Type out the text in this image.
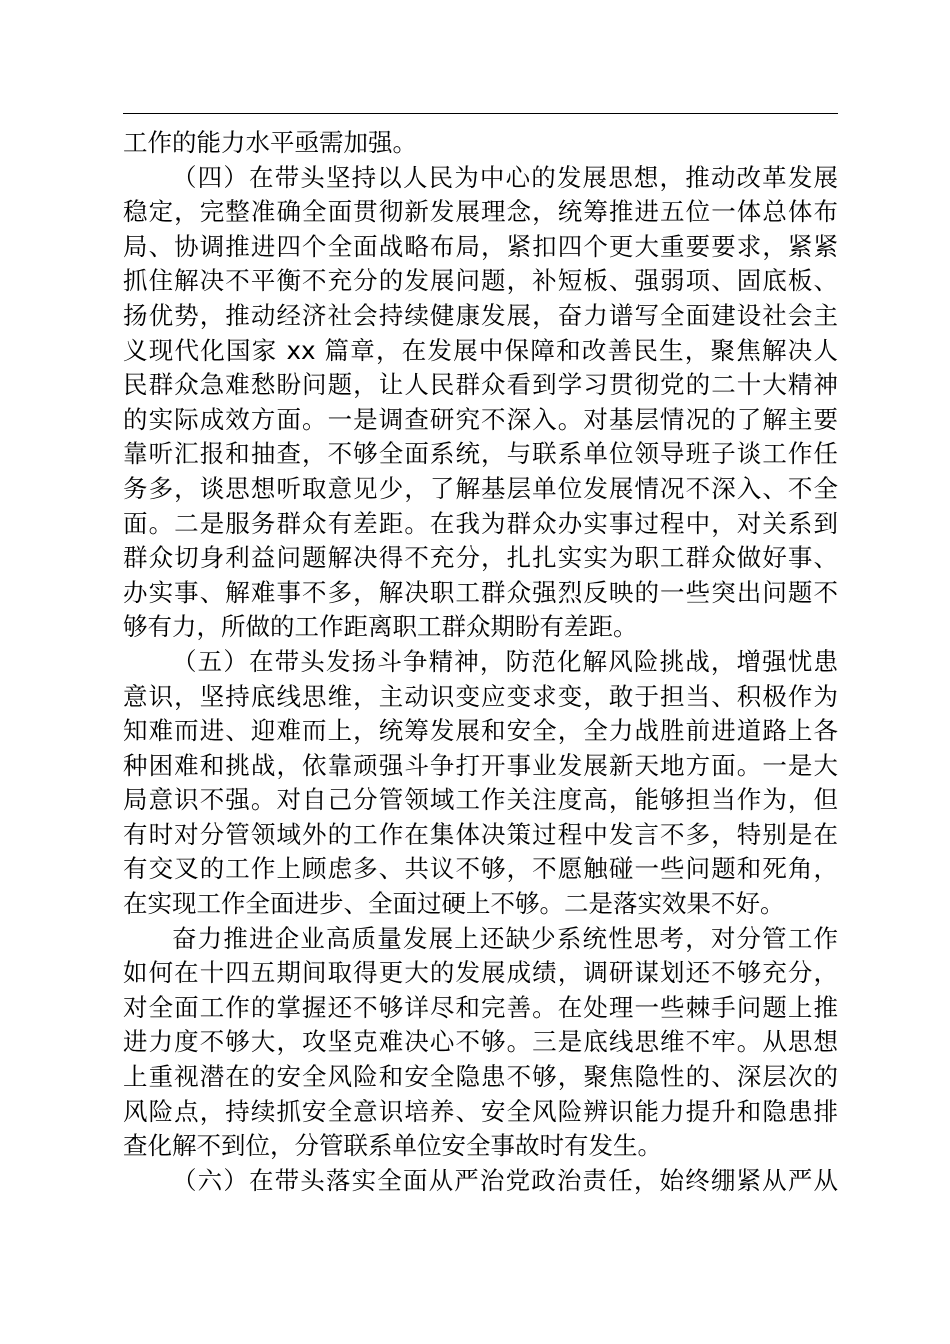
工作的能力水平亟需加强。
（四）在带头坚持以人民为中心的发展思想，推动改革发展
稳定，完整准确全面贯彻新发展理念，统筹推进五位一体总体布
局、协调推进四个全面战略布局，紧扣四个更大重要要求，紧紧
抓住解决不平衡不充分的发展问题，补短板、强弱项、固底板、
扬优势，推动经济社会持续健康发展，奋力谱写全面建设社会主
义现代化国家 xx 篇章，在发展中保障和改善民生，聚焦解决人
民群众急难愁盼问题，让人民群众看到学习贯彻党的二十大精神
的实际成效方面。一是调查研究不深入。对基层情况的了解主要
靠听汇报和抽查，不够全面系统，与联系单位领导班子谈工作任
务多，谈思想听取意见少，了解基层单位发展情况不深入、不全
面。二是服务群众有差距。在我为群众办实事过程中，对关系到
群众切身利益问题解决得不充分，扎扎实实为职工群众做好事、
办实事、解难事不多，解决职工群众强烈反映的一些突出问题不
够有力，所做的工作距离职工群众期盼有差距。
（五）在带头发扬斗争精神，防范化解风险挑战，增强忧患
意识，坚持底线思维，主动识变应变求变，敢于担当、积极作为
知难而进、迎难而上，统筹发展和安全，全力战胜前进道路上各
种困难和挑战，依靠顽强斗争打开事业发展新天地方面。一是大
局意识不强。对自己分管领域工作关注度高，能够担当作为，但
有时对分管领域外的工作在集体决策过程中发言不多，特别是在
有交叉的工作上顾虑多、共议不够，不愿触碰一些问题和死角，
在实现工作全面进步、全面过硬上不够。二是落实效果不好。
奋力推进企业高质量发展上还缺少系统性思考，对分管工作
如何在十四五期间取得更大的发展成绩，调研谋划还不够充分，
对全面工作的掌握还不够详尽和完善。在处理一些棘手问题上推
进力度不够大，攻坚克难决心不够。三是底线思维不牢。从思想
上重视潜在的安全风险和安全隐患不够，聚焦隐性的、深层次的
风险点，持续抓安全意识培养、安全风险辨识能力提升和隐患排
查化解不到位，分管联系单位安全事故时有发生。
（六）在带头落实全面从严治党政治责任，始终绷紧从严从
